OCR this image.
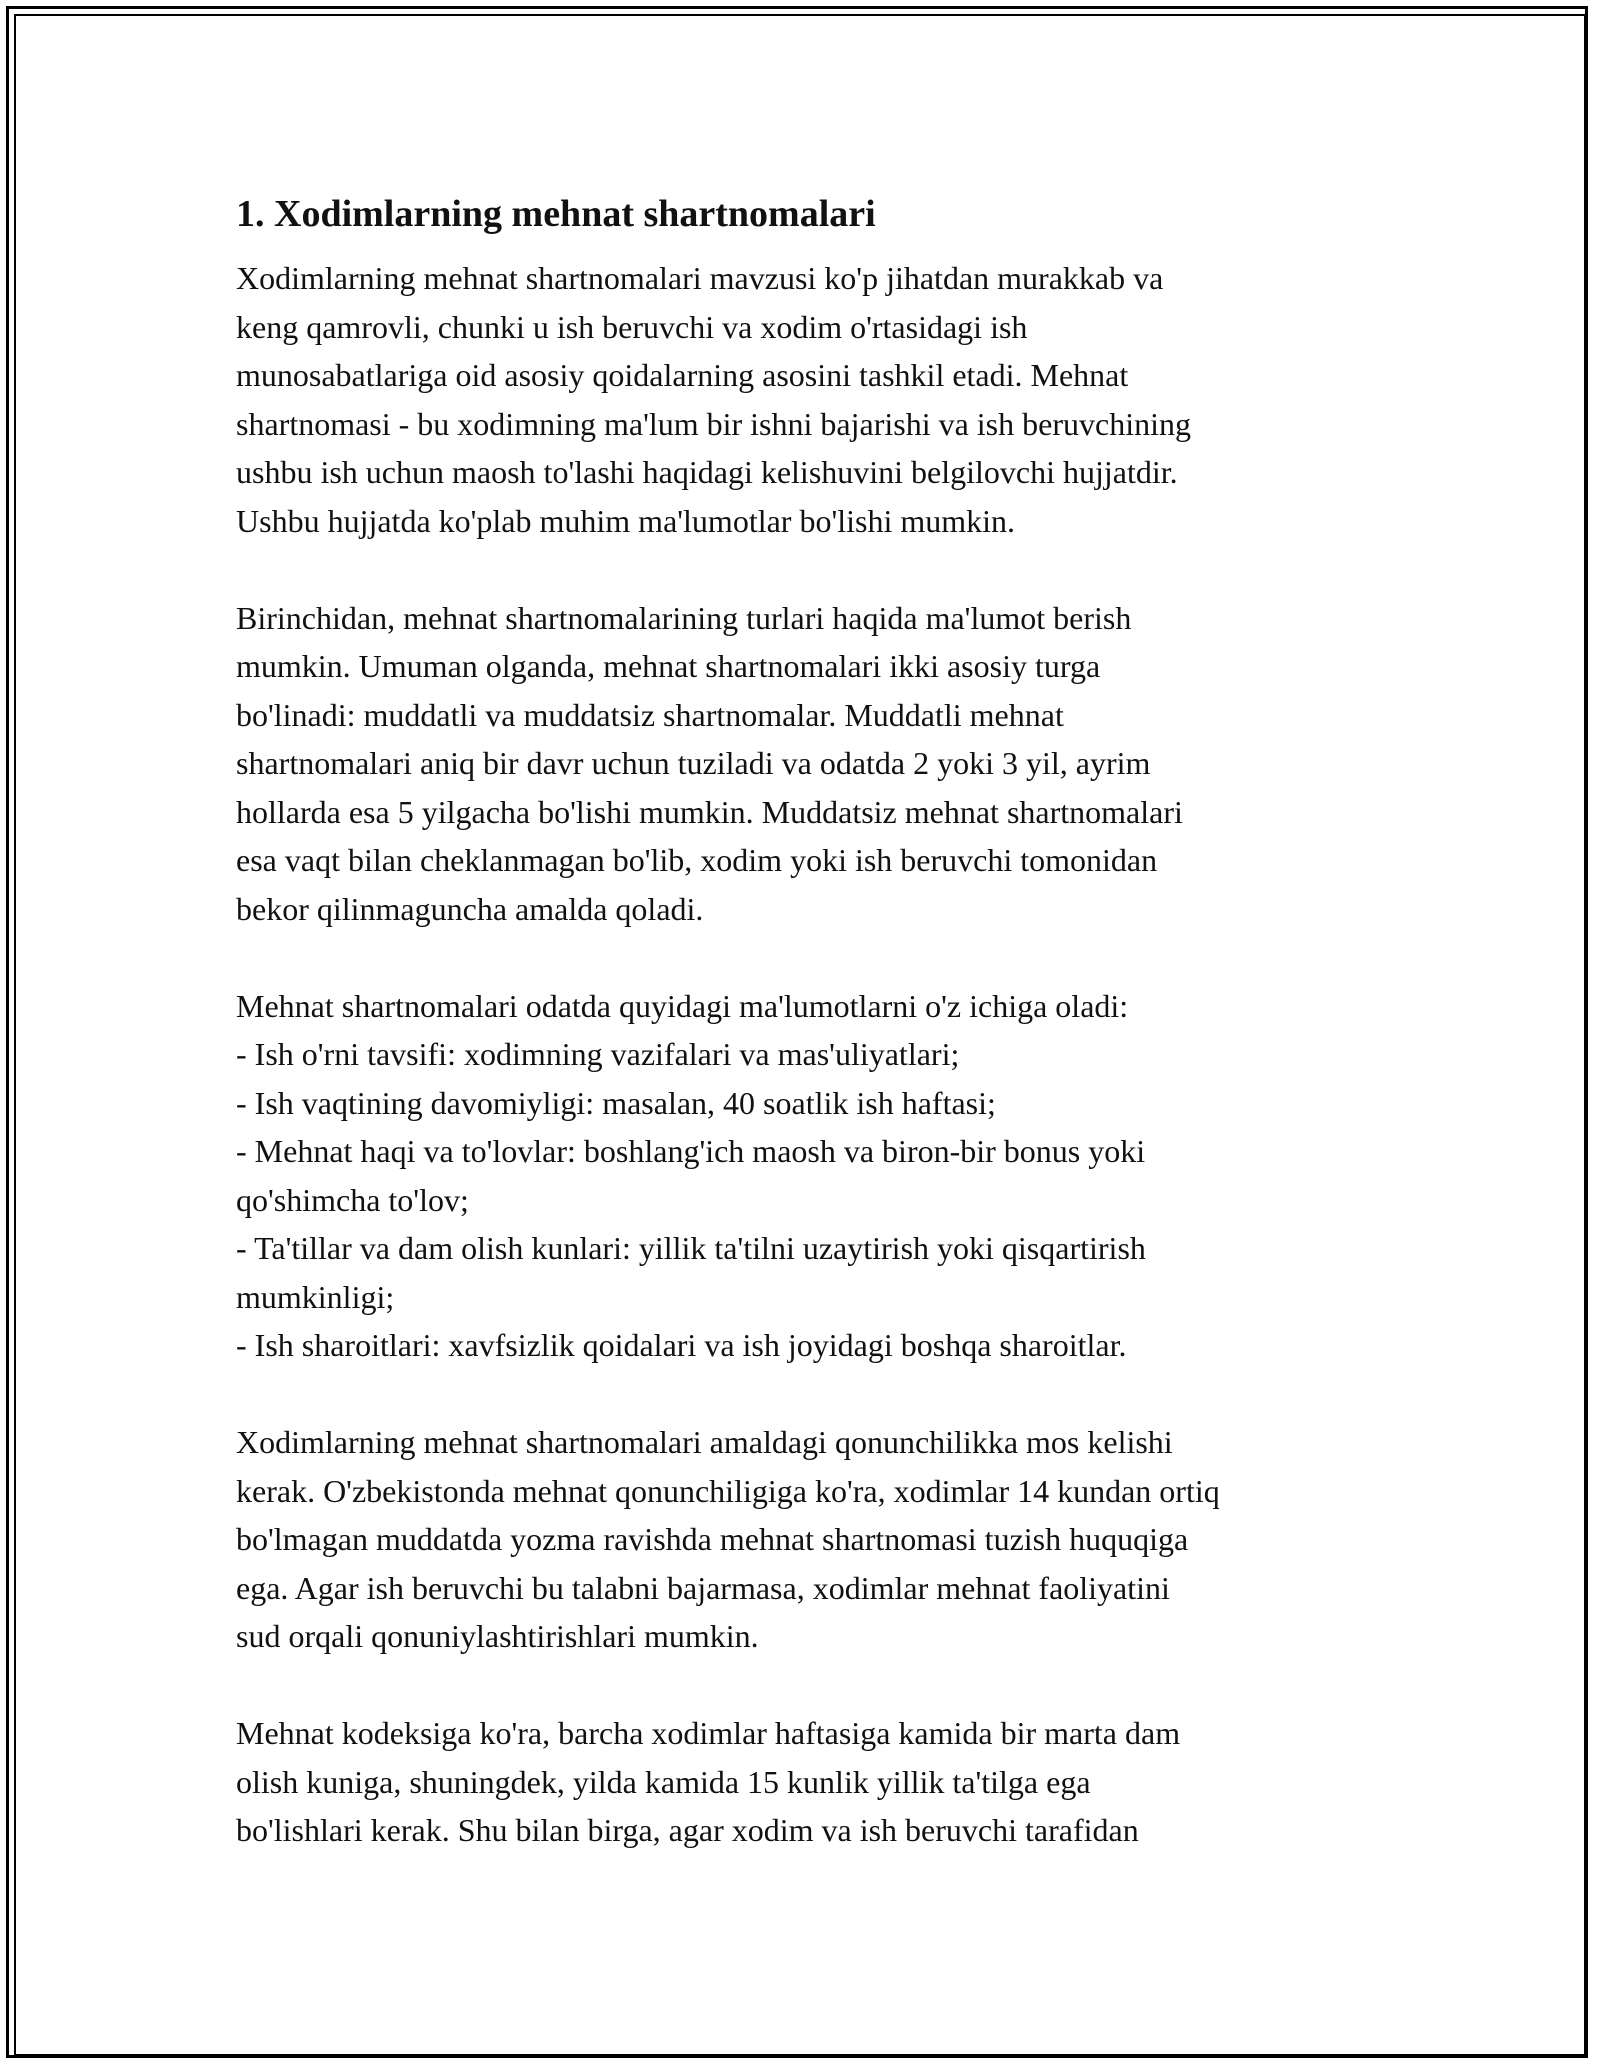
1. Xodimlarning mehnat shartnomalari
Xodimlarning mehnat shartnomalari mavzusi ko'p jihatdan murakkab va
keng qamrovli, chunki u ish beruvchi va xodim o'rtasidagi ish
munosabatlariga oid asosiy qoidalarning asosini tashkil etadi. Mehnat
shartnomasi - bu xodimning ma'lum bir ishni bajarishi va ish beruvchining
ushbu ish uchun maosh to'lashi haqidagi kelishuvini belgilovchi hujjatdir.
Ushbu hujjatda ko'plab muhim ma'lumotlar bo'lishi mumkin.
Birinchidan, mehnat shartnomalarining turlari haqida ma'lumot berish
mumkin. Umuman olganda, mehnat shartnomalari ikki asosiy turga
bo'linadi: muddatli va muddatsiz shartnomalar. Muddatli mehnat
shartnomalari aniq bir davr uchun tuziladi va odatda 2 yoki 3 yil, ayrim
hollarda esa 5 yilgacha bo'lishi mumkin. Muddatsiz mehnat shartnomalari
esa vaqt bilan cheklanmagan bo'lib, xodim yoki ish beruvchi tomonidan
bekor qilinmaguncha amalda qoladi.
Mehnat shartnomalari odatda quyidagi ma'lumotlarni o'z ichiga oladi:
- Ish o'rni tavsifi: xodimning vazifalari va mas'uliyatlari;
- Ish vaqtining davomiyligi: masalan, 40 soatlik ish haftasi;
- Mehnat haqi va to'lovlar: boshlang'ich maosh va biron-bir bonus yoki
qo'shimcha to'lov;
- Ta'tillar va dam olish kunlari: yillik ta'tilni uzaytirish yoki qisqartirish
mumkinligi;
- Ish sharoitlari: xavfsizlik qoidalari va ish joyidagi boshqa sharoitlar.
Xodimlarning mehnat shartnomalari amaldagi qonunchilikka mos kelishi
kerak. O'zbekistonda mehnat qonunchiligiga ko'ra, xodimlar 14 kundan ortiq
bo'lmagan muddatda yozma ravishda mehnat shartnomasi tuzish huquqiga
ega. Agar ish beruvchi bu talabni bajarmasa, xodimlar mehnat faoliyatini
sud orqali qonuniylashtirishlari mumkin.
Mehnat kodeksiga ko'ra, barcha xodimlar haftasiga kamida bir marta dam
olish kuniga, shuningdek, yilda kamida 15 kunlik yillik ta'tilga ega
bo'lishlari kerak. Shu bilan birga, agar xodim va ish beruvchi tarafidan
